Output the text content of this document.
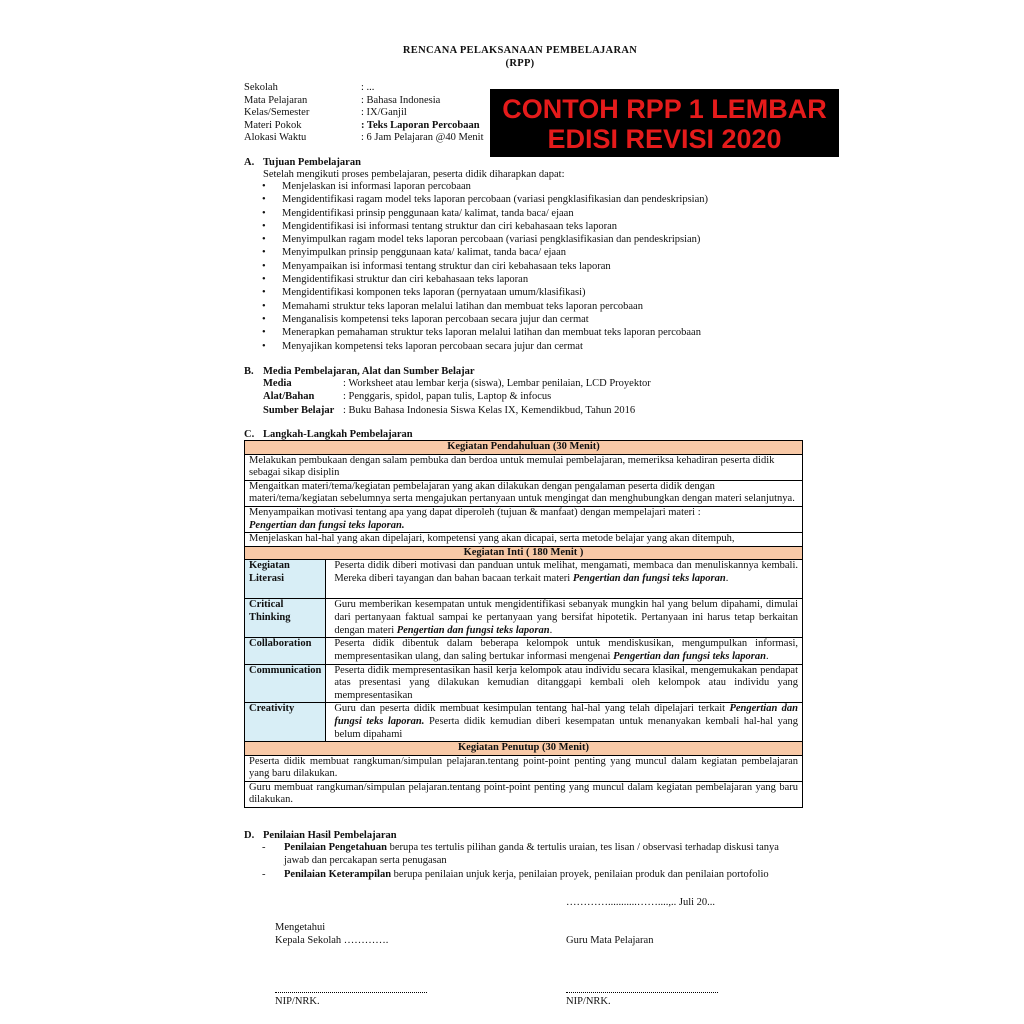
RENCANA PELAKSANAAN PEMBELAJARAN
(RPP)
Sekolah	: ...
Mata Pelajaran	: Bahasa Indonesia
Kelas/Semester	: IX/Ganjil
Materi Pokok	: Teks Laporan Percobaan
Alokasi Waktu	: 6 Jam Pelajaran @40 Menit
CONTOH RPP 1 LEMBAR
EDISI REVISI 2020
A. Tujuan Pembelajaran
Setelah mengikuti proses pembelajaran, peserta didik diharapkan dapat:
• Menjelaskan isi informasi laporan percobaan
• Mengidentifikasi ragam model teks laporan percobaan (variasi pengklasifikasian dan pendeskripsian)
• Mengidentifikasi prinsip penggunaan kata/ kalimat, tanda baca/ ejaan
• Mengidentifikasi isi informasi tentang struktur dan ciri kebahasaan teks laporan
• Menyimpulkan ragam model teks laporan percobaan (variasi pengklasifikasian dan pendeskripsian)
• Menyimpulkan prinsip penggunaan kata/ kalimat, tanda baca/ ejaan
• Menyampaikan isi informasi tentang struktur dan ciri kebahasaan teks laporan
• Mengidentifikasi struktur dan ciri kebahasaan teks laporan
• Mengidentifikasi komponen teks laporan (pernyataan umum/klasifikasi)
• Memahami struktur teks laporan melalui latihan dan membuat teks laporan percobaan
• Menganalisis kompetensi teks laporan percobaan secara jujur dan cermat
• Menerapkan pemahaman struktur teks laporan melalui latihan dan membuat teks laporan percobaan
• Menyajikan kompetensi teks laporan percobaan secara jujur dan cermat
B. Media Pembelajaran, Alat dan Sumber Belajar
Media	: Worksheet atau lembar kerja (siswa), Lembar penilaian, LCD Proyektor
Alat/Bahan	: Penggaris, spidol, papan tulis, Laptop & infocus
Sumber Belajar : Buku Bahasa Indonesia Siswa Kelas IX, Kemendikbud, Tahun 2016
C. Langkah-Langkah Pembelajaran
Kegiatan Pendahuluan (30 Menit)	
Melakukan pembukaan dengan salam pembuka dan berdoa untuk memulai pembelajaran, memeriksa kehadiran peserta didik sebagai sikap disiplin	
Mengaitkan materi/tema/kegiatan pembelajaran yang akan dilakukan dengan pengalaman peserta didik dengan materi/tema/kegiatan sebelumnya serta mengajukan pertanyaan untuk mengingat dan menghubungkan dengan materi selanjutnya.	
Menyampaikan motivasi tentang apa yang dapat diperoleh (tujuan & manfaat) dengan mempelajari materi :
Pengertian dan fungsi teks laporan.	
Menjelaskan hal-hal yang akan dipelajari, kompetensi yang akan dicapai, serta metode belajar yang akan ditempuh,	
Kegiatan Inti ( 180 Menit )	
Kegiatan Literasi	Peserta didik diberi motivasi dan panduan untuk melihat, mengamati, membaca dan menuliskannya kembali. Mereka diberi tayangan dan bahan bacaan terkait materi Pengertian dan fungsi teks laporan.
Critical Thinking	Guru memberikan kesempatan untuk mengidentifikasi sebanyak mungkin hal yang belum dipahami, dimulai dari pertanyaan faktual sampai ke pertanyaan yang bersifat hipotetik. Pertanyaan ini harus tetap berkaitan dengan materi Pengertian dan fungsi teks laporan.
Collaboration	Peserta didik dibentuk dalam beberapa kelompok untuk mendiskusikan, mengumpulkan informasi, mempresentasikan ulang, dan saling bertukar informasi mengenai Pengertian dan fungsi teks laporan.
Communication	Peserta didik mempresentasikan hasil kerja kelompok atau individu secara klasikal, mengemukakan pendapat atas presentasi yang dilakukan kemudian ditanggapi kembali oleh kelompok atau individu yang mempresentasikan
Creativity	Guru dan peserta didik membuat kesimpulan tentang hal-hal yang telah dipelajari terkait Pengertian dan fungsi teks laporan. Peserta didik kemudian diberi kesempatan untuk menanyakan kembali hal-hal yang belum dipahami
Kegiatan Penutup (30 Menit)	
Peserta didik membuat rangkuman/simpulan pelajaran.tentang point-point penting yang muncul dalam kegiatan pembelajaran yang baru dilakukan.	
Guru membuat rangkuman/simpulan pelajaran.tentang point-point penting yang muncul dalam kegiatan pembelajaran yang baru dilakukan.	
D. Penilaian Hasil Pembelajaran
-	Penilaian Pengetahuan berupa tes tertulis pilihan ganda & tertulis uraian, tes lisan / observasi terhadap diskusi tanya jawab dan percakapan serta penugasan
-	Penilaian Keterampilan berupa penilaian unjuk kerja, penilaian proyek, penilaian produk dan penilaian portofolio
…………...........……....,.. Juli 20...
Mengetahui
Kepala Sekolah ………….	Guru Mata Pelajaran
NIP/NRK.	NIP/NRK.
